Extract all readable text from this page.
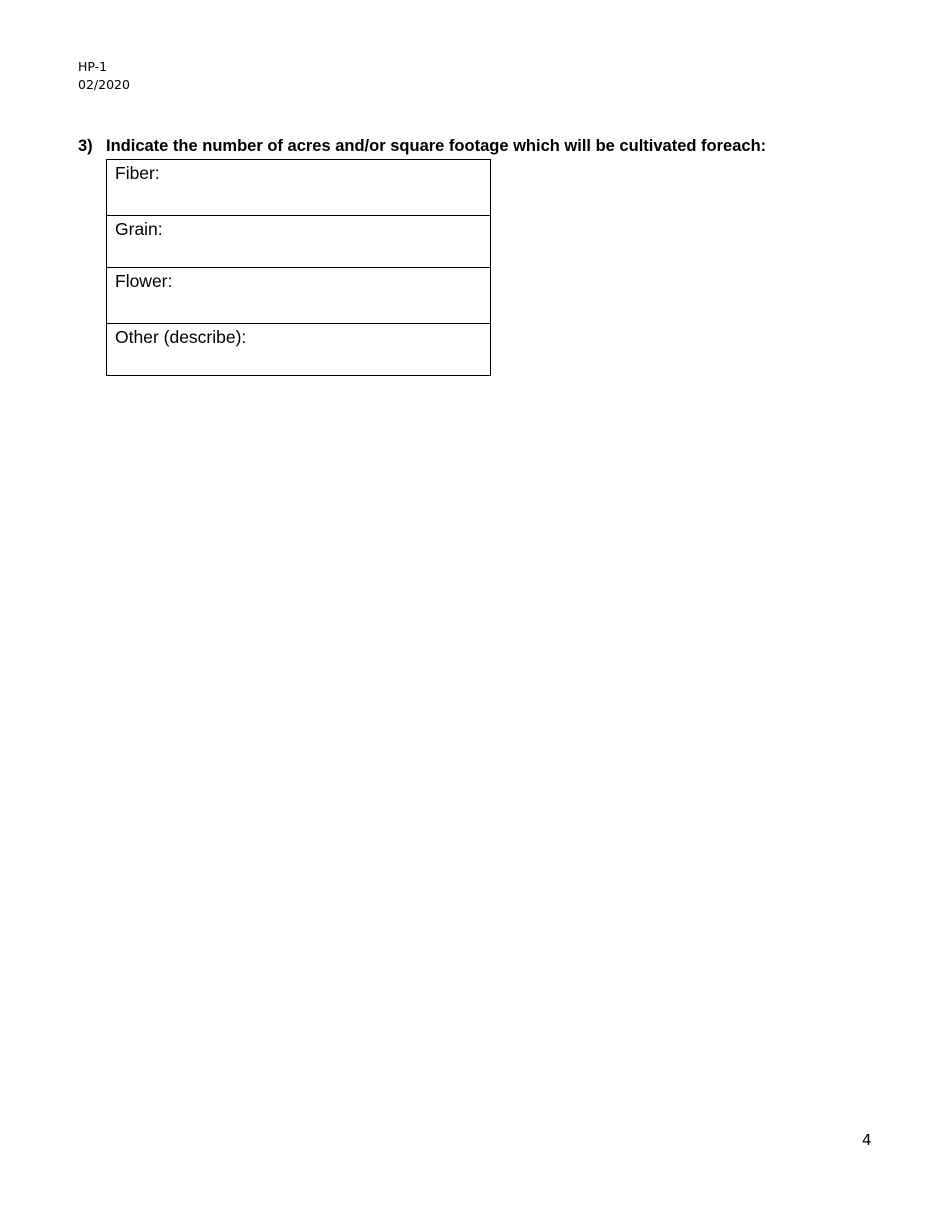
HP-1
02/2020
3) Indicate the number of acres and/or square footage which will be cultivated foreach:
Fiber:
Grain:
Flower:
Other (describe):
4
